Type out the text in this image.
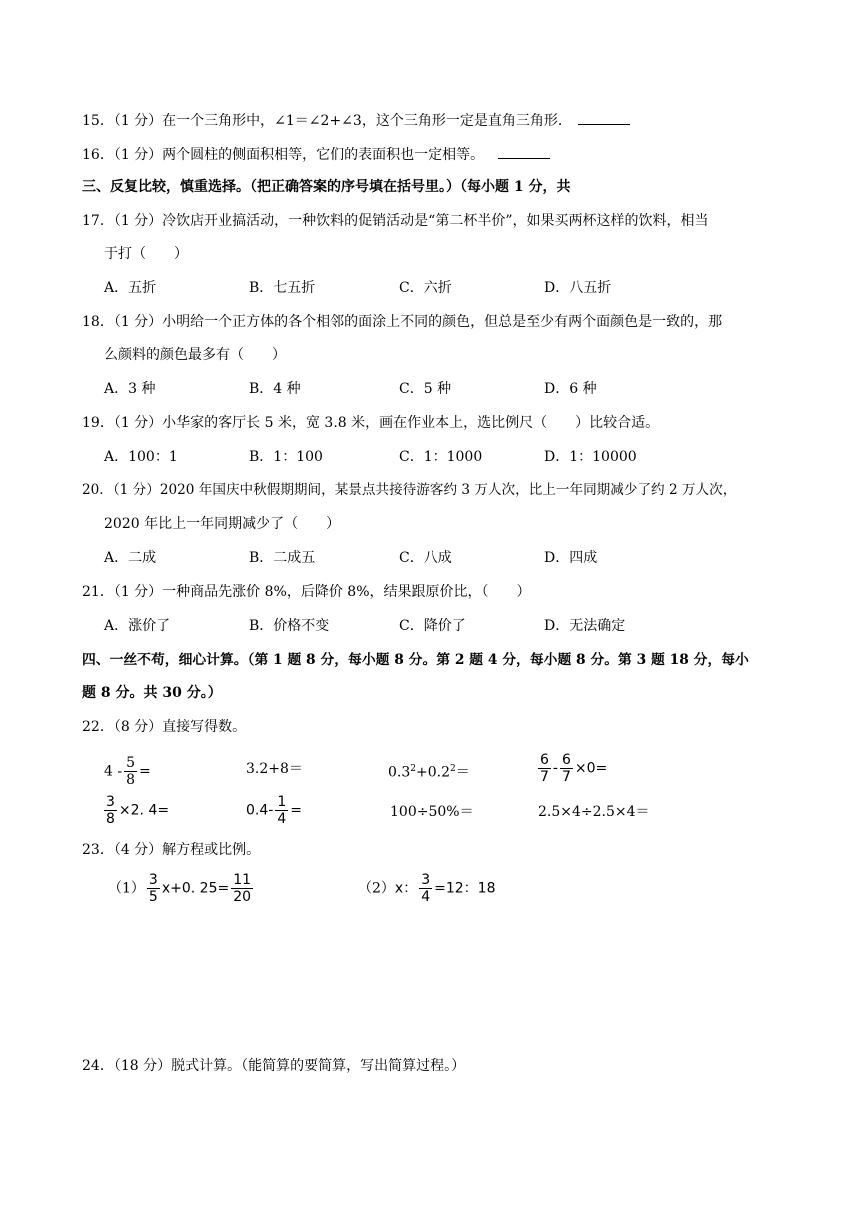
15．（1 分）在一个三角形中，∠1＝∠2+∠3，这个三角形一定是直角三角形．
16．（1 分）两个圆柱的侧面积相等，它们的表面积也一定相等。
三、反复比较，慎重选择。（把正确答案的序号填在括号里。）（每小题 1 分，共
17．（1 分）冷饮店开业搞活动，一种饮料的促销活动是“第二杯半价”，如果买两杯这样的饮料，相当
于打（　　）
A．五折	B．七五折	C．六折	D．八五折
18．（1 分）小明给一个正方体的各个相邻的面涂上不同的颜色，但总是至少有两个面颜色是一致的，那
么颜料的颜色最多有（　　）
A．3 种	B．4 种	C．5 种	D．6 种
19．（1 分）小华家的客厅长 5 米，宽 3.8 米，画在作业本上，选比例尺（　　）比较合适。
A．100：1	B．1：100	C．1：1000	D．1：10000
20．（1 分）2020 年国庆中秋假期期间，某景点共接待游客约 3 万人次，比上一年同期减少了约 2 万人次，
2020 年比上一年同期减少了（　　）
A．二成	B．二成五	C．八成	D．四成
21．（1 分）一种商品先涨价 8%，后降价 8%，结果跟原价比，（　　）
A．涨价了	B．价格不变	C．降价了	D．无法确定
四、一丝不苟，细心计算。（第 1 题 8 分，每小题 8 分。第 2 题 4 分，每小题 8 分。第 3 题 18 分，每小
题 8 分。共 30 分。）
22．（8 分）直接写得数。
$4 - \frac{5}{8}$ =	3.2+8＝	$0.3^2+0.2^2=$	$\frac{6}{7} - \frac{6}{7} \times 0=$
$\frac{3}{8} \times 2$. 4=	$0.4- \frac{1}{4}$ =	100÷50%＝	2.5×4÷2.5×4＝
23．（4 分）解方程或比例。
$(1) \frac{3}{5} x+0$. $25= \frac{11}{20}$	（2）x： $\frac{3}{4} =12$：18
24．（18 分）脱式计算。（能简算的要简算，写出简算过程。）
